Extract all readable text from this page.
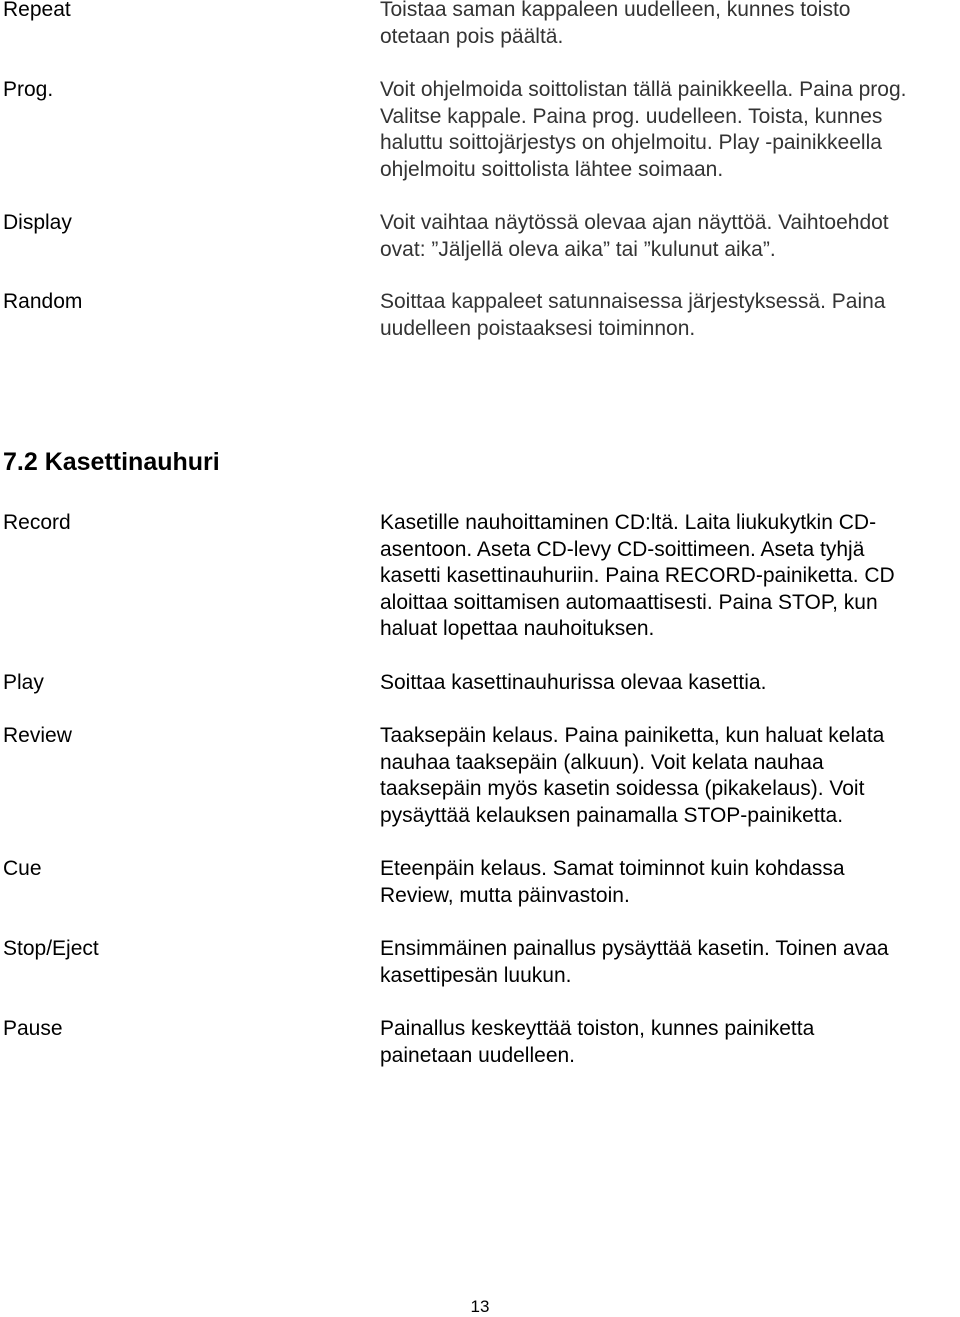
Repeat	Toistaa saman kappaleen uudelleen, kunnes toisto
otetaan pois päältä.
Prog.	Voit ohjelmoida soittolistan tällä painikkeella. Paina prog.
Valitse kappale. Paina prog. uudelleen. Toista, kunnes
haluttu soittojärjestys on ohjelmoitu. Play -painikkeella
ohjelmoitu soittolista lähtee soimaan.
Display	Voit vaihtaa näytössä olevaa ajan näyttöä. Vaihtoehdot
ovat: ”Jäljellä oleva aika” tai ”kulunut aika”.
Random	Soittaa kappaleet satunnaisessa järjestyksessä. Paina
uudelleen poistaaksesi toiminnon.
7.2 Kasettinauhuri
Record	Kasetille nauhoittaminen CD:ltä. Laita liukukytkin CD-
asentoon. Aseta CD-levy CD-soittimeen. Aseta tyhjä
kasetti kasettinauhuriin. Paina RECORD-painiketta. CD
aloittaa soittamisen automaattisesti. Paina STOP, kun
haluat lopettaa nauhoituksen.
Play	Soittaa kasettinauhurissa olevaa kasettia.
Review	Taaksepäin kelaus. Paina painiketta, kun haluat kelata
nauhaa taaksepäin (alkuun). Voit kelata nauhaa
taaksepäin myös kasetin soidessa (pikakelaus). Voit
pysäyttää kelauksen painamalla STOP-painiketta.
Cue	Eteenpäin kelaus. Samat toiminnot kuin kohdassa
Review, mutta päinvastoin.
Stop/Eject	Ensimmäinen painallus pysäyttää kasetin. Toinen avaa
kasettipesän luukun.
Pause	Painallus keskeyttää toiston, kunnes painiketta
painetaan uudelleen.
13
